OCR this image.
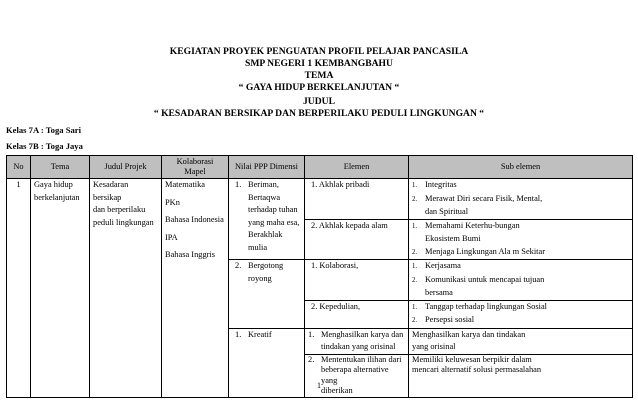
KEGIATAN PROYEK PENGUATAN PROFIL PELAJAR PANCASILA
SMP NEGERI 1 KEMBANGBAHU
TEMA
“ GAYA HIDUP BERKELANJUTAN “
JUDUL
“ KESADARAN BERSIKAP DAN BERPERILAKU PEDULI LINGKUNGAN “
Kelas 7A : Toga Sari
Kelas 7B : Toga Jaya
No	Tema	Judul Projek	Kolaborasi Mapel	Nilai PPP Dimensi	Elemen	Sub elemen
1	Gaya hidup
berkelanjutan	Kesadaran bersikap
dan berperilaku
peduli lingkungan	Matematika
PKn
Bahasa Indonesia
IPA
Bahasa Inggris	1. Beriman,
Bertaqwa
terhadap tuhan
yang maha esa,
Berakhlak mulia	1. Akhlak pribadi	1. Integritas
2. Merawat Diri secara Fisik, Mental,
dan Spiritual

					2. Akhlak kepada alam	1. Memahami Keterhu-bungan
Ekosistem Bumi
2. Menjaga Lingkungan Ala m Sekitar

				2. Bergotong
royong	1. Kolaborasi,	1. Kerjasama
2. Komunikasi untuk mencapai tujuan
bersama

					2. Kepedulian,	1. Tanggap terhadap lingkungan Sosial
2. Persepsi sosial

				1. Kreatif	1. Menghasilkan karya dan
tindakan yang orisinal	Menghasilkan karya dan tindakan
yang orisinal

					2. Mententukan ilihan dari
beberapa alternative yang
diberikan	Memiliki keluwesan berpikir dalam
mencari alternatif solusi permasalahan
1
